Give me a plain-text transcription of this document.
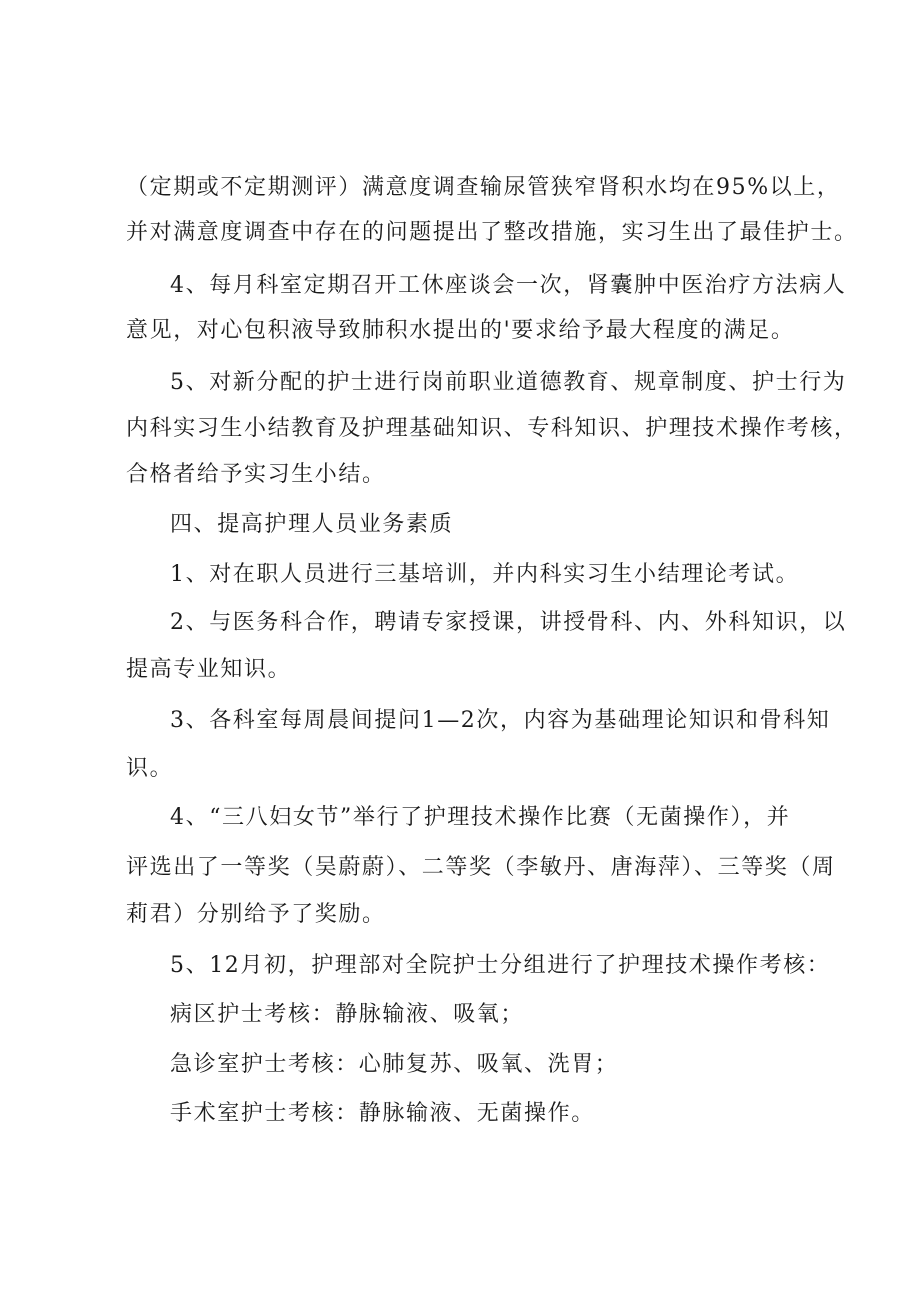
（定期或不定期测评）满意度调查输尿管狭窄肾积水均在95%以上，
并对满意度调查中存在的问题提出了整改措施，实习生出了最佳护士。
4、每月科室定期召开工休座谈会一次，肾囊肿中医治疗方法病人
意见，对心包积液导致肺积水提出的'要求给予最大程度的满足。
5、对新分配的护士进行岗前职业道德教育、规章制度、护士行为
内科实习生小结教育及护理基础知识、专科知识、护理技术操作考核，
合格者给予实习生小结。
四、提高护理人员业务素质
1、对在职人员进行三基培训，并内科实习生小结理论考试。
2、与医务科合作，聘请专家授课，讲授骨科、内、外科知识，以
提高专业知识。
3、各科室每周晨间提问1—2次，内容为基础理论知识和骨科知
识。
4、“三八妇女节”举行了护理技术操作比赛（无菌操作），并
评选出了一等奖（吴蔚蔚）、二等奖（李敏丹、唐海萍）、三等奖（周
莉君）分别给予了奖励。
5、12月初，护理部对全院护士分组进行了护理技术操作考核：
病区护士考核：静脉输液、吸氧；
急诊室护士考核：心肺复苏、吸氧、洗胃；
手术室护士考核：静脉输液、无菌操作。
